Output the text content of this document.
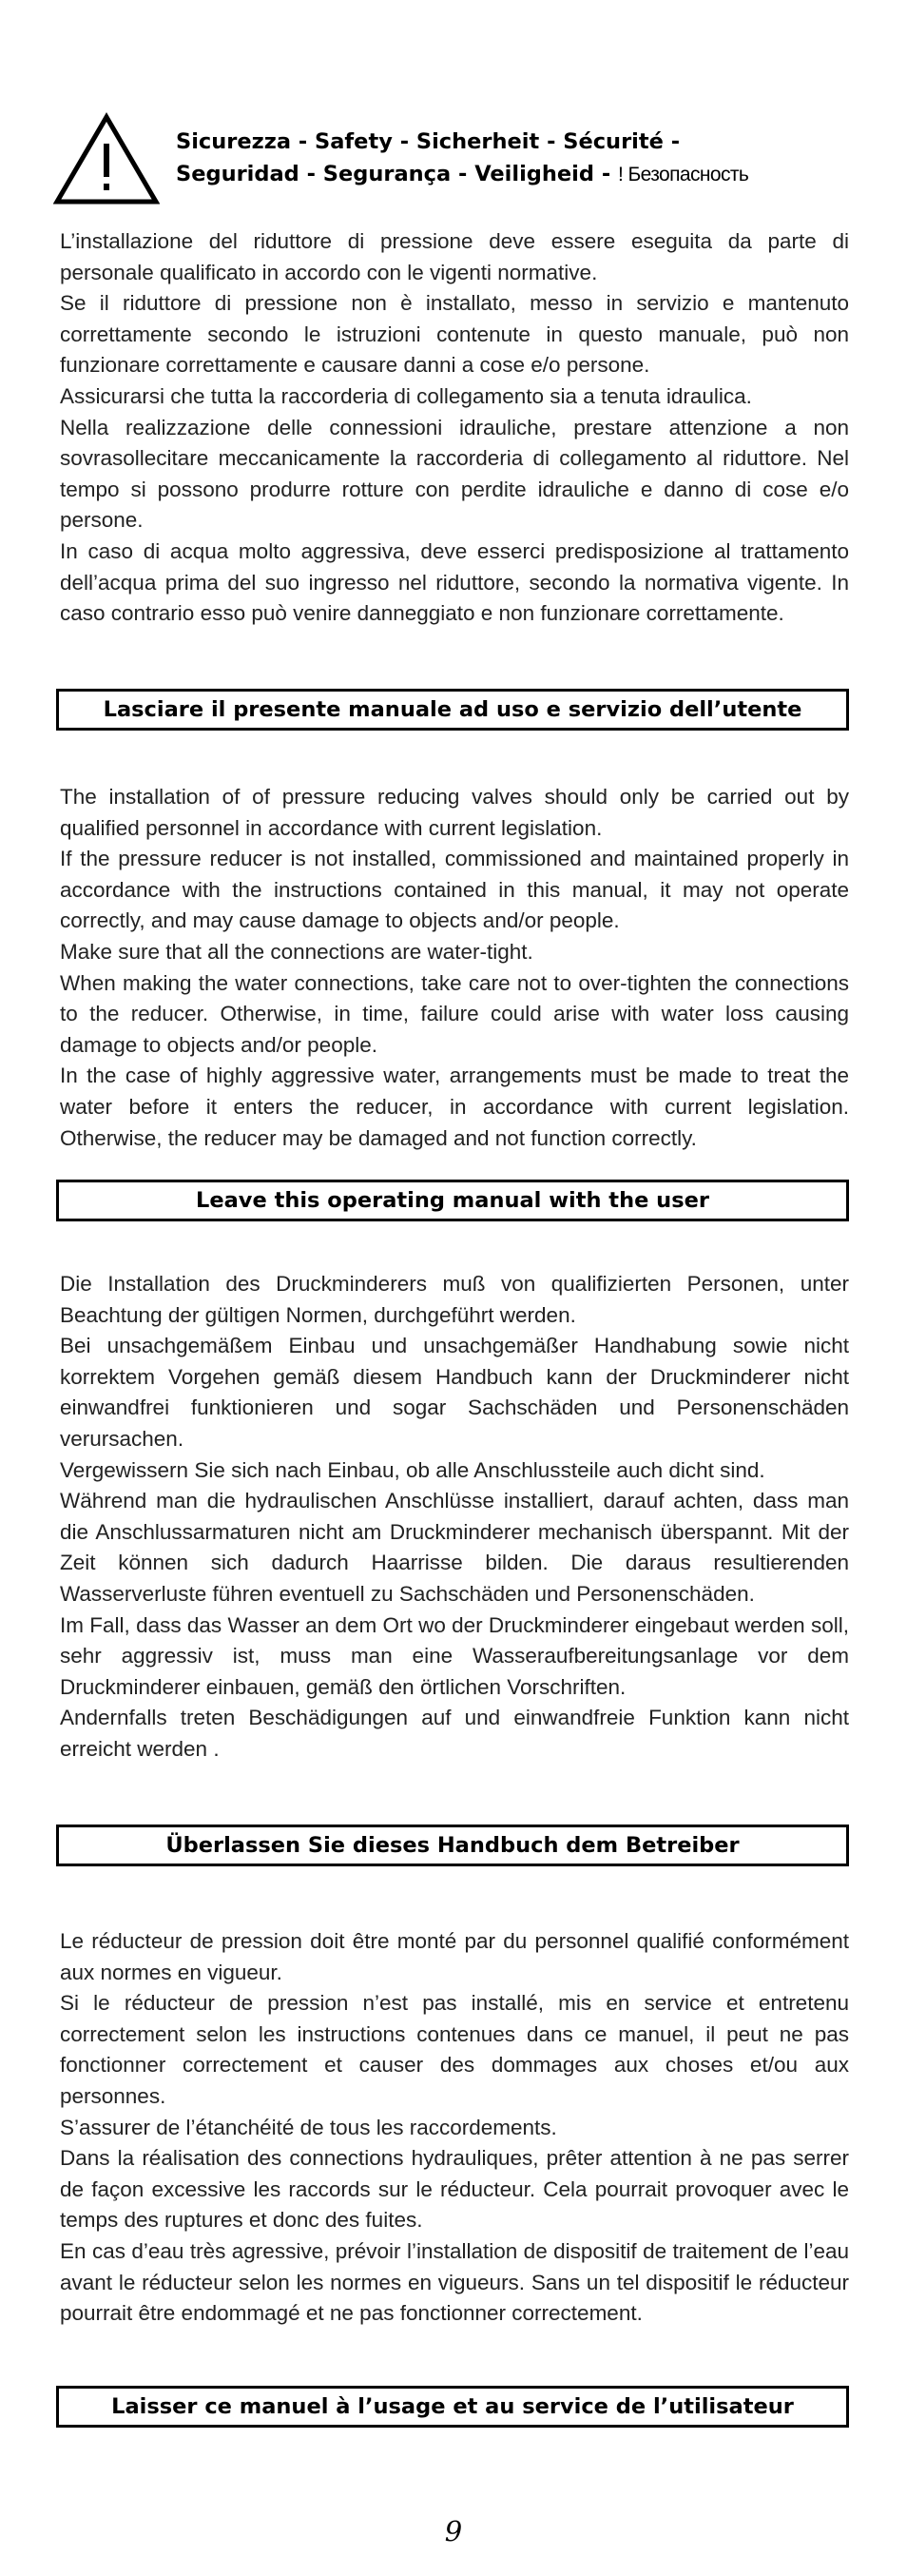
Sicurezza - Safety - Sicherheit - Sécurité -
Seguridad - Segurança - Veiligheid - ! Безопасность

L’installazione del riduttore di pressione deve essere eseguita da parte di personale qualificato in accordo con le vigenti normative.

Se il riduttore di pressione non è installato, messo in servizio e mantenuto correttamente secondo le istruzioni contenute in questo manuale, può non funzionare correttamente e causare danni a cose e/o persone.

Assicurarsi che tutta la raccorderia di collegamento sia a tenuta idraulica.

Nella realizzazione delle connessioni idrauliche, prestare attenzione a non sovrasollecitare meccanicamente la raccorderia di collegamento al riduttore. Nel tempo si possono produrre rotture con perdite idrauliche e danno di cose e/o persone.

In caso di acqua molto aggressiva, deve esserci predisposizione al trattamento dell’acqua prima del suo ingresso nel riduttore, secondo la normativa vigente. In caso contrario esso può venire danneggiato e non funzionare correttamente.

Lasciare il presente manuale ad uso e servizio dell’utente

The installation of of pressure reducing valves should only be carried out by qualified personnel in accordance with current legislation.

If the pressure reducer is not installed, commissioned and maintained properly in accordance with the instructions contained in this manual, it may not operate correctly, and may cause damage to objects and/or people.

Make sure that all the connections are water-tight.

When making the water connections, take care not to over-tighten the connections to the reducer. Otherwise, in time, failure could arise with water loss causing damage to objects and/or people.

In the case of highly aggressive water, arrangements must be made to treat the water before it enters the reducer, in accordance with current legislation. Otherwise, the reducer may be damaged and not function correctly.

Leave this operating manual with the user

Die Installation des Druckminderers muß von qualifizierten Personen, unter Beachtung der gültigen Normen, durchgeführt werden.

Bei unsachgemäßem Einbau und unsachgemäßer Handhabung sowie nicht korrektem Vorgehen gemäß diesem Handbuch kann der Druckminderer nicht einwandfrei funktionieren und sogar Sachschäden und Personenschäden verursachen.

Vergewissern Sie sich nach Einbau, ob alle Anschlussteile auch dicht sind.

Während man die hydraulischen Anschlüsse installiert, darauf achten, dass man die Anschlussarmaturen nicht am Druckminderer mechanisch überspannt. Mit der Zeit können sich dadurch Haarrisse bilden. Die daraus resultierenden Wasserverluste führen eventuell zu Sachschäden und Personenschäden.

Im Fall, dass das Wasser an dem Ort wo der Druckminderer eingebaut werden soll, sehr aggressiv ist, muss man eine Wasseraufbereitungsanlage vor dem Druckminderer einbauen, gemäß den örtlichen Vorschriften.

Andernfalls treten Beschädigungen auf und einwandfreie Funktion kann nicht erreicht werden .

Überlassen Sie dieses Handbuch dem Betreiber

Le réducteur de pression doit être monté par du personnel qualifié conformément aux normes en vigueur.

Si le réducteur de pression n’est pas installé, mis en service et entretenu correctement selon les instructions contenues dans ce manuel, il peut ne pas fonctionner correctement et causer des dommages aux choses et/ou aux personnes.

S’assurer de l’étanchéité de tous les raccordements.

Dans la réalisation des connections hydrauliques, prêter attention à ne pas serrer de façon excessive les raccords sur le réducteur. Cela pourrait provoquer avec le temps des ruptures et donc des fuites.

En cas d’eau très agressive, prévoir l’installation de dispositif de traitement de l’eau avant le réducteur selon les normes en vigueurs. Sans un tel dispositif le réducteur pourrait être endommagé et ne pas fonctionner correctement.

Laisser ce manuel à l’usage et au service de l’utilisateur
9
